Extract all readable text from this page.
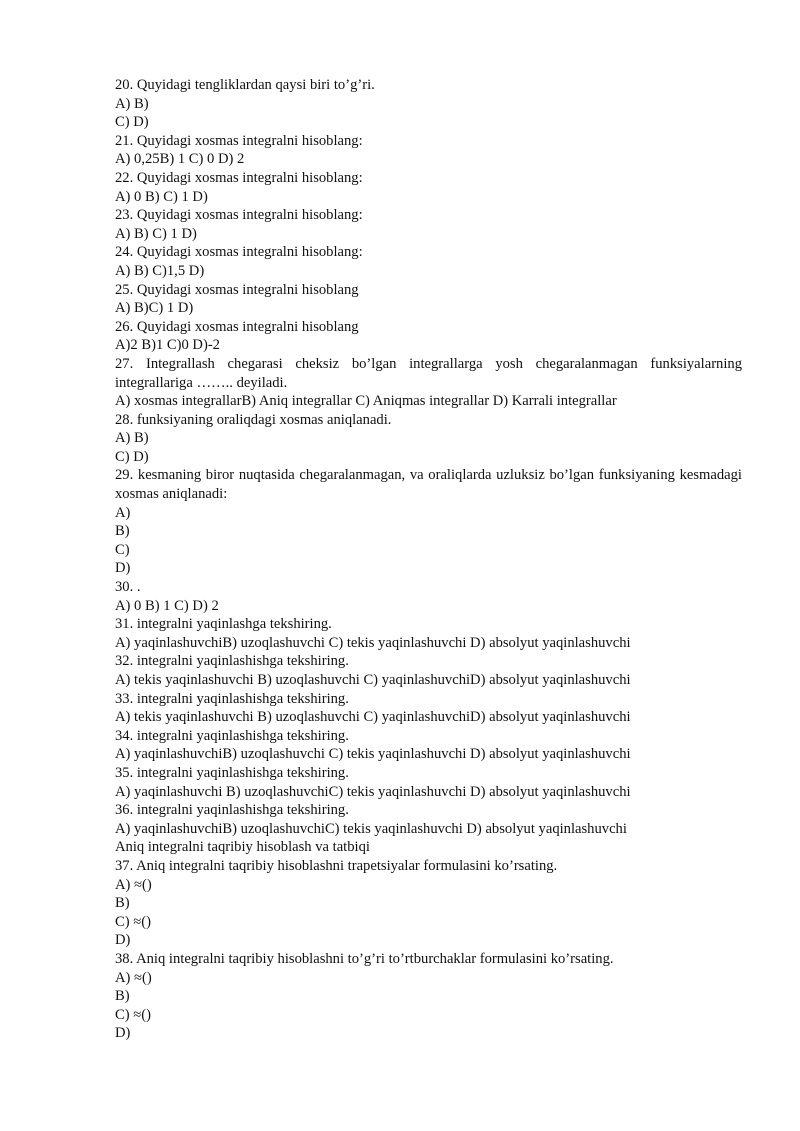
20. Quyidagi tengliklardan qaysi biri to’g’ri.
A) B)
C) D)
21. Quyidagi xosmas integralni hisoblang:
A) 0,25B) 1 C) 0 D) 2
22. Quyidagi xosmas integralni hisoblang:
A) 0 B) C) 1 D)
23. Quyidagi xosmas integralni hisoblang:
A) B) C) 1 D)
24. Quyidagi xosmas integralni hisoblang:
A) B) C)1,5 D)
25. Quyidagi xosmas integralni hisoblang
A) B)C) 1 D)
26. Quyidagi xosmas integralni hisoblang
A)2 B)1 C)0 D)-2
27. Integrallash chegarasi cheksiz bo’lgan integrallarga yosh chegaralanmagan funksiyalarning integrallariga …….. deyiladi.
A) xosmas integrallarB) Aniq integrallar C) Aniqmas integrallar D) Karrali integrallar
28. funksiyaning oraliqdagi xosmas aniqlanadi.
A) B)
C) D)
29. kesmaning biror nuqtasida chegaralanmagan, va oraliqlarda uzluksiz bo’lgan funksiyaning kesmadagi xosmas aniqlanadi:
A)
B)
C)
D)
30. .
A) 0 B) 1 C) D) 2
31. integralni yaqinlashga tekshiring.
A) yaqinlashuvchiB) uzoqlashuvchi C) tekis yaqinlashuvchi D) absolyut yaqinlashuvchi
32. integralni yaqinlashishga tekshiring.
A) tekis yaqinlashuvchi B) uzoqlashuvchi C) yaqinlashuvchiD) absolyut yaqinlashuvchi
33. integralni yaqinlashishga tekshiring.
A) tekis yaqinlashuvchi B) uzoqlashuvchi C) yaqinlashuvchiD) absolyut yaqinlashuvchi
34. integralni yaqinlashishga tekshiring.
A) yaqinlashuvchiB) uzoqlashuvchi C) tekis yaqinlashuvchi D) absolyut yaqinlashuvchi
35. integralni yaqinlashishga tekshiring.
A) yaqinlashuvchi B) uzoqlashuvchiC) tekis yaqinlashuvchi D) absolyut yaqinlashuvchi
36. integralni yaqinlashishga tekshiring.
A) yaqinlashuvchiB) uzoqlashuvchiC) tekis yaqinlashuvchi D) absolyut yaqinlashuvchi
Aniq integralni taqribiy hisoblash va tatbiqi
37. Aniq integralni taqribiy hisoblashni trapetsiyalar formulasini ko’rsating.
A) ≈()
B)
C) ≈()
D)
38. Aniq integralni taqribiy hisoblashni to’g’ri to’rtburchaklar formulasini ko’rsating.
A) ≈()
B)
C) ≈()
D)
